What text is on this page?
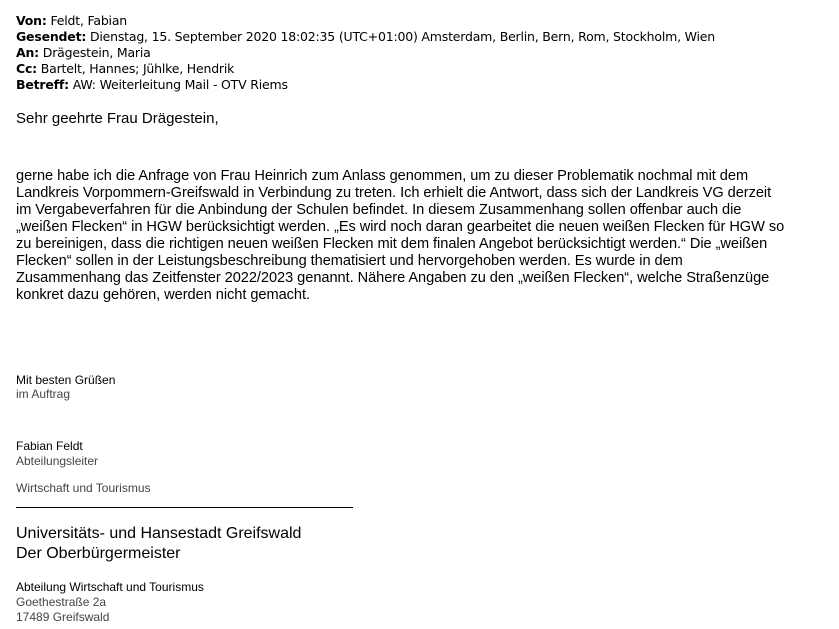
Von: Feldt, Fabian
Gesendet: Dienstag, 15. September 2020 18:02:35 (UTC+01:00) Amsterdam, Berlin, Bern, Rom, Stockholm, Wien
An: Drägestein, Maria
Cc: Bartelt, Hannes; Jühlke, Hendrik
Betreff: AW: Weiterleitung Mail - OTV Riems
Sehr geehrte Frau Drägestein,
gerne habe ich die Anfrage von Frau Heinrich zum Anlass genommen, um zu dieser Problematik nochmal mit dem
Landkreis Vorpommern-Greifswald in Verbindung zu treten. Ich erhielt die Antwort, dass sich der Landkreis VG derzeit
im Vergabeverfahren für die Anbindung der Schulen befindet. In diesem Zusammenhang sollen offenbar auch die
„weißen Flecken“ in HGW berücksichtigt werden. „Es wird noch daran gearbeitet die neuen weißen Flecken für HGW so
zu bereinigen, dass die richtigen neuen weißen Flecken mit dem finalen Angebot berücksichtigt werden.“ Die „weißen
Flecken“ sollen in der Leistungsbeschreibung thematisiert und hervorgehoben werden. Es wurde in dem
Zusammenhang das Zeitfenster 2022/2023 genannt. Nähere Angaben zu den „weißen Flecken“, welche Straßenzüge
konkret dazu gehören, werden nicht gemacht.
Mit besten Grüßen
im Auftrag
Fabian Feldt
Abteilungsleiter
Wirtschaft und Tourismus
Universitäts- und Hansestadt Greifswald
Der Oberbürgermeister
Abteilung Wirtschaft und Tourismus
Goethestraße 2a
17489 Greifswald
